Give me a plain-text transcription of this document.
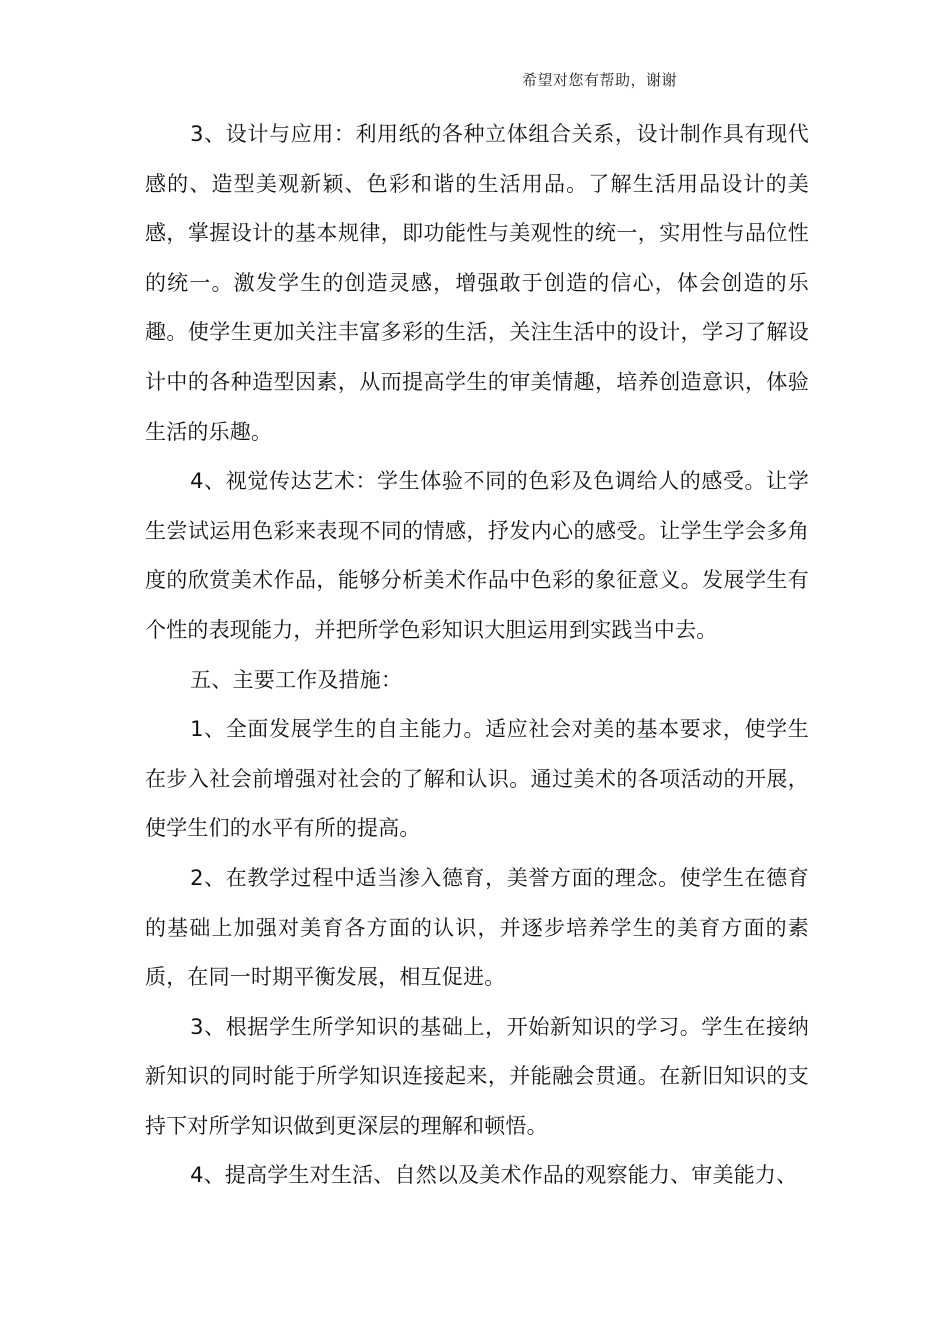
希望对您有帮助，谢谢

3、设计与应用：利用纸的各种立体组合关系，设计制作具有现代感的、造型美观新颖、色彩和谐的生活用品。了解生活用品设计的美感，掌握设计的基本规律，即功能性与美观性的统一，实用性与品位性的统一。激发学生的创造灵感，增强敢于创造的信心，体会创造的乐趣。使学生更加关注丰富多彩的生活，关注生活中的设计，学习了解设计中的各种造型因素，从而提高学生的审美情趣，培养创造意识，体验生活的乐趣。

4、视觉传达艺术：学生体验不同的色彩及色调给人的感受。让学生尝试运用色彩来表现不同的情感，抒发内心的感受。让学生学会多角度的欣赏美术作品，能够分析美术作品中色彩的象征意义。发展学生有个性的表现能力，并把所学色彩知识大胆运用到实践当中去。

五、主要工作及措施：

1、全面发展学生的自主能力。适应社会对美的基本要求，使学生在步入社会前增强对社会的了解和认识。通过美术的各项活动的开展，使学生们的水平有所的提高。

2、在教学过程中适当渗入德育，美誉方面的理念。使学生在德育的基础上加强对美育各方面的认识，并逐步培养学生的美育方面的素质，在同一时期平衡发展，相互促进。

3、根据学生所学知识的基础上，开始新知识的学习。学生在接纳新知识的同时能于所学知识连接起来，并能融会贯通。在新旧知识的支持下对所学知识做到更深层的理解和顿悟。

4、提高学生对生活、自然以及美术作品的观察能力、审美能力、
